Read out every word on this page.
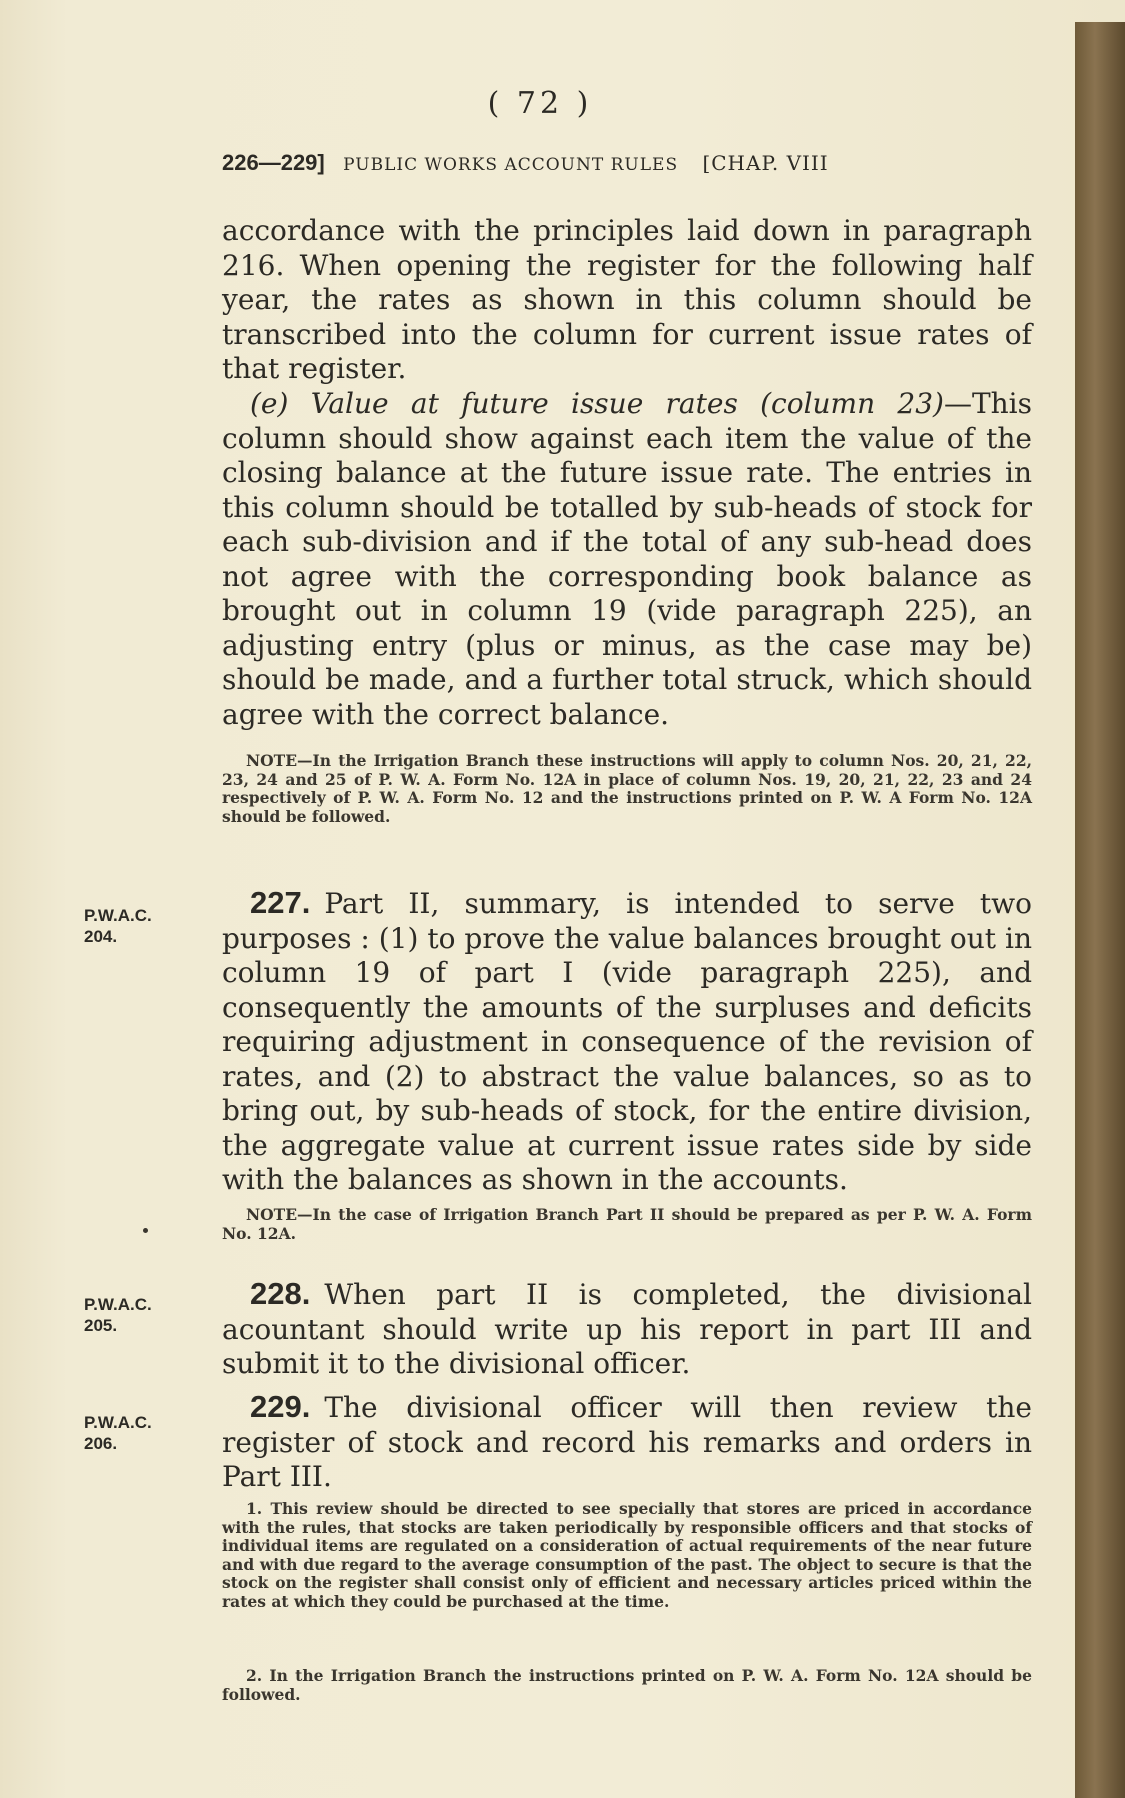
( 72 )
226—229] PUBLIC WORKS ACCOUNT RULES [CHAP. VIII
accordance with the principles laid down in paragraph 216. When opening the register for the following half year, the rates as shown in this column should be transcribed into the column for current issue rates of that register.
(e) Value at future issue rates (column 23)—This column should show against each item the value of the closing balance at the future issue rate. The entries in this column should be totalled by sub-heads of stock for each sub-division and if the total of any sub-head does not agree with the corresponding book balance as brought out in column 19 (vide paragraph 225), an adjusting entry (plus or minus, as the case may be) should be made, and a further total struck, which should agree with the correct balance.

NOTE—In the Irrigation Branch these instructions will apply to column Nos. 20, 21, 22, 23, 24 and 25 of P. W. A. Form No. 12A in place of column Nos. 19, 20, 21, 22, 23 and 24 respectively of P. W. A. Form No. 12 and the instructions printed on P. W. A Form No. 12A should be followed.

P.W.A.C.
204.
227. Part II, summary, is intended to serve two purposes : (1) to prove the value balances brought out in column 19 of part I (vide paragraph 225), and consequently the amounts of the surpluses and deficits requiring adjustment in consequence of the revision of rates, and (2) to abstract the value balances, so as to bring out, by sub-heads of stock, for the entire division, the aggregate value at current issue rates side by side with the balances as shown in the accounts.

NOTE—In the case of Irrigation Branch Part II should be prepared as per P. W. A. Form No. 12A.

P.W.A.C.
205.
228. When part II is completed, the divisional acountant should write up his report in part III and submit it to the divisional officer.
P.W.A.C.
206.
229. The divisional officer will then review the register of stock and record his remarks and orders in Part III.

1. This review should be directed to see specially that stores are priced in accordance with the rules, that stocks are taken periodically by responsible officers and that stocks of individual items are regulated on a consideration of actual requirements of the near future and with due regard to the average consumption of the past. The object to secure is that the stock on the register shall consist only of efficient and necessary articles priced within the rates at which they could be purchased at the time.

2. In the Irrigation Branch the instructions printed on P. W. A. Form No. 12A should be followed.
